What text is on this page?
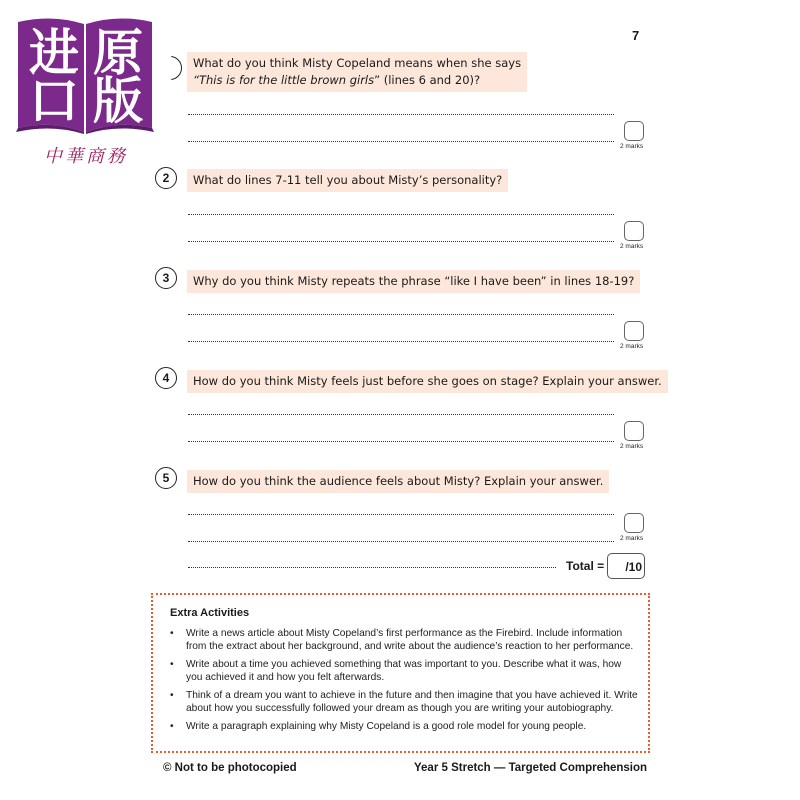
进
口
原
版
中華商務
7
What do you think Misty Copeland means when she says
“This is for the little brown girls” (lines 6 and 20)?
2 marks
2	What do lines 7-11 tell you about Misty’s personality?
2 marks
3	Why do you think Misty repeats the phrase “like I have been” in lines 18-19?
2 marks
4	How do you think Misty feels just before she goes on stage? Explain your answer.
2 marks
5	How do you think the audience feels about Misty? Explain your answer.
2 marks
Total =	/10
Extra Activities
• Write a news article about Misty Copeland’s first performance as the Firebird. Include information from the extract about her background, and write about the audience’s reaction to her performance.
• Write about a time you achieved something that was important to you. Describe what it was, how you achieved it and how you felt afterwards.
• Think of a dream you want to achieve in the future and then imagine that you have achieved it. Write about how you successfully followed your dream as though you are writing your autobiography.
• Write a paragraph explaining why Misty Copeland is a good role model for young people.
© Not to be photocopied	Year 5 Stretch — Targeted Comprehension
